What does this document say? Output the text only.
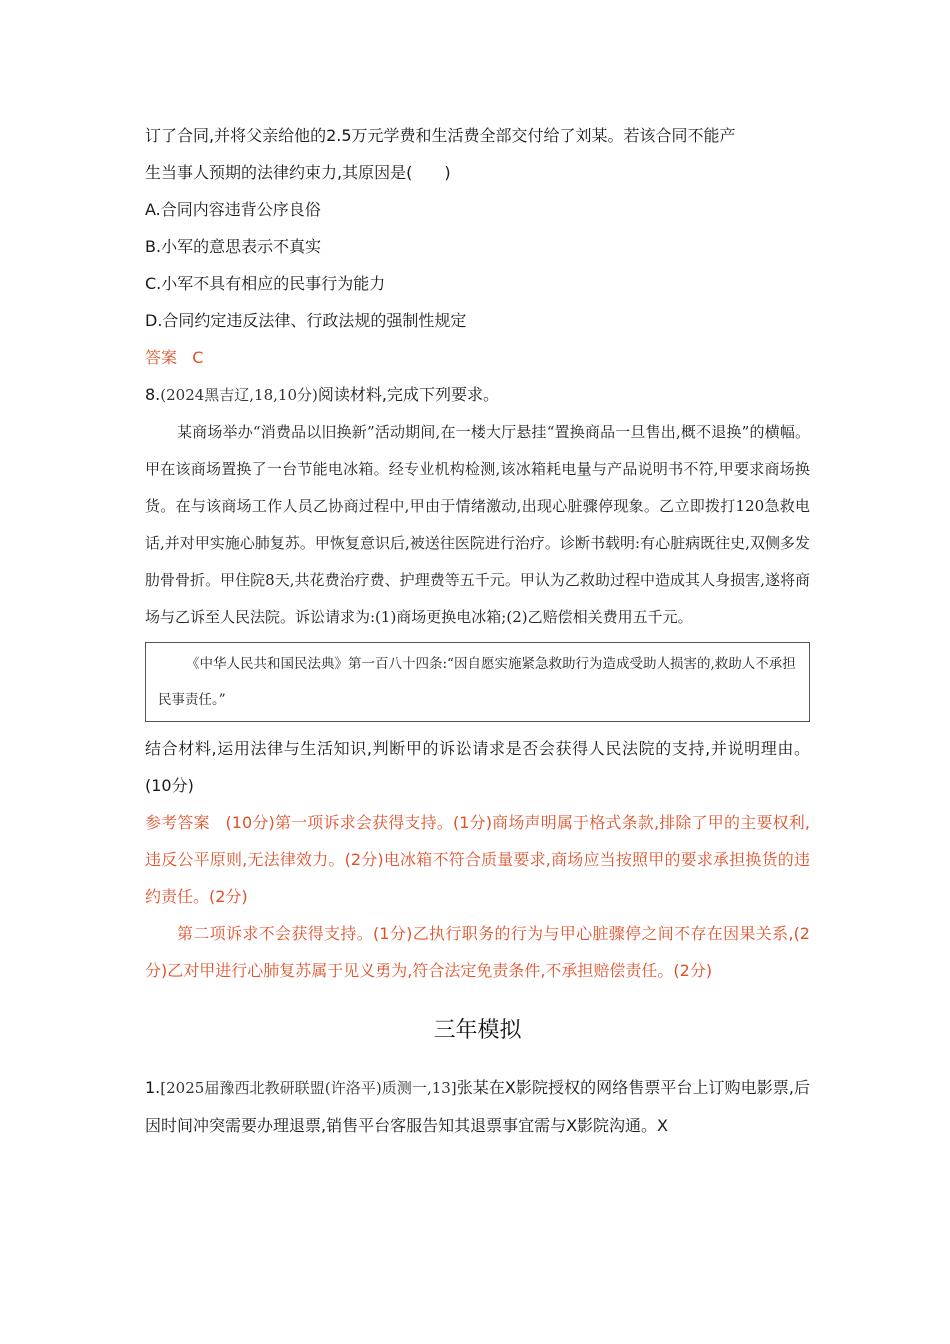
订了合同,并将父亲给他的2.5万元学费和生活费全部交付给了刘某。若该合同不能产

生当事人预期的法律约束力,其原因是(　　)

A.合同内容违背公序良俗

B.小军的意思表示不真实

C.小军不具有相应的民事行为能力

D.合同约定违反法律、行政法规的强制性规定

答案 C

8.(2024黑吉辽,18,10分)阅读材料,完成下列要求。

某商场举办“消费品以旧换新”活动期间,在一楼大厅悬挂“置换商品一旦售出,概不退换”的横幅。甲在该商场置换了一台节能电冰箱。经专业机构检测,该冰箱耗电量与产品说明书不符,甲要求商场换货。在与该商场工作人员乙协商过程中,甲由于情绪激动,出现心脏骤停现象。乙立即拨打120急救电话,并对甲实施心肺复苏。甲恢复意识后,被送往医院进行治疗。诊断书载明:有心脏病既往史,双侧多发肋骨骨折。甲住院8天,共花费治疗费、护理费等五千元。甲认为乙救助过程中造成其人身损害,遂将商场与乙诉至人民法院。诉讼请求为:(1)商场更换电冰箱;(2)乙赔偿相关费用五千元。

《中华人民共和国民法典》第一百八十四条:“因自愿实施紧急救助行为造成受助人损害的,救助人不承担民事责任。”

结合材料,运用法律与生活知识,判断甲的诉讼请求是否会获得人民法院的支持,并说明理由。(10分)

参考答案 (10分)第一项诉求会获得支持。(1分)商场声明属于格式条款,排除了甲的主要权利,违反公平原则,无法律效力。(2分)电冰箱不符合质量要求,商场应当按照甲的要求承担换货的违约责任。(2分)

第二项诉求不会获得支持。(1分)乙执行职务的行为与甲心脏骤停之间不存在因果关系,(2分)乙对甲进行心肺复苏属于见义勇为,符合法定免责条件,不承担赔偿责任。(2分)

三年模拟

1.[2025届豫西北教研联盟(许洛平)质测一,13]张某在X影院授权的网络售票平台上订购电影票,后因时间冲突需要办理退票,销售平台客服告知其退票事宜需与X影院沟通。X
